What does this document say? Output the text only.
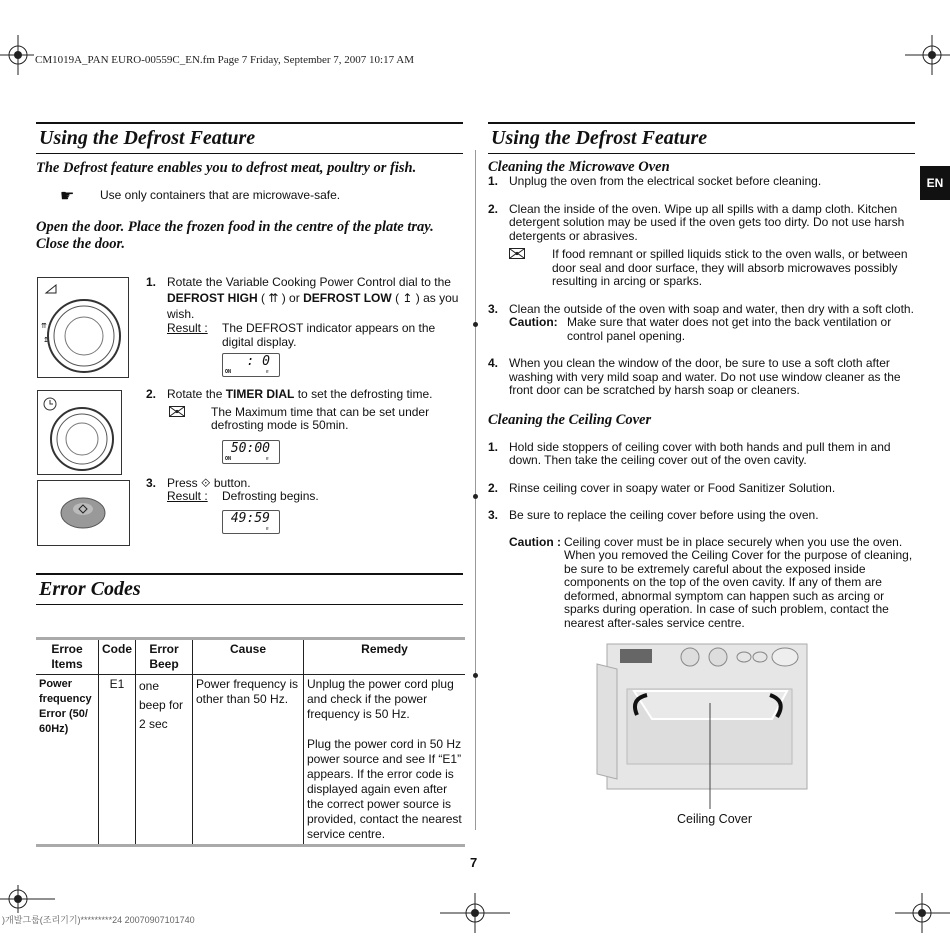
CM1019A_PAN EURO-00559C_EN.fm Page 7 Friday, September 7, 2007 10:17 AM
EN
Using the Defrost Feature
The Defrost feature enables you to defrost meat, poultry or fish.
☛	Use only containers that are microwave-safe.
Open the door. Place the frozen food in the centre of the plate tray. Close the door.
⇈
↥
1. Rotate the Variable Cooking Power Control dial to the DEFROST HIGH ( ⇈ ) or DEFROST LOW ( ↥ ) as you wish.
Result :	The DEFROST indicator appears on the digital display.
ON
: 0
⇈
2. Rotate the TIMER DIAL to set the defrosting time.
The Maximum time that can be set under defrosting mode is 50min.
ON
50:00
⇈
3. Press ⟐ button.
Result :	Defrosting begins.
49:59
⇈
Error Codes
Erroe Items	Code	Error Beep	Cause	Remedy
Power frequency Error (50/ 60Hz)	E1	one beep for 2 sec	Power frequency is other than 50 Hz.	Unplug the power cord plug and check if the power frequency is 50 Hz.
Plug the power cord in 50 Hz power source and see If “E1” appears. If the error code is displayed again even after the correct power source is provided, contact the nearest service centre.
7
)개발그룹(조리기기)*********24 20070907101740
Using the Defrost Feature
Cleaning the Microwave Oven
1. Unplug the oven from the electrical socket before cleaning.
2. Clean the inside of the oven. Wipe up all spills with a damp cloth. Kitchen detergent solution may be used if the oven gets too dirty. Do not use harsh detergents or abrasives.
If food remnant or spilled liquids stick to the oven walls, or between door seal and door surface, they will absorb microwaves possibly resulting in arcing or sparks.
3. Clean the outside of the oven with soap and water, then dry with a soft cloth.
Caution: Make sure that water does not get into the back ventilation or control panel opening.
4. When you clean the window of the door, be sure to use a soft cloth after washing with very mild soap and water. Do not use window cleaner as the front door can be scratched by harsh soap or cleaners.
Cleaning the Ceiling Cover
1. Hold side stoppers of ceiling cover with both hands and pull them in and down. Then take the ceiling cover out of the oven cavity.
2. Rinse ceiling cover in soapy water or Food Sanitizer Solution.
3. Be sure to replace the ceiling cover before using the oven.
Caution : Ceiling cover must be in place securely when you use the oven. When you removed the Ceiling Cover for the purpose of cleaning, be sure to be extremely careful about the exposed inside components on the top of the oven cavity. If any of them are deformed, abnormal symptom can happen such as arcing or sparks during operation. In case of such problem, contact the nearest after-sales service centre.
Ceiling Cover
